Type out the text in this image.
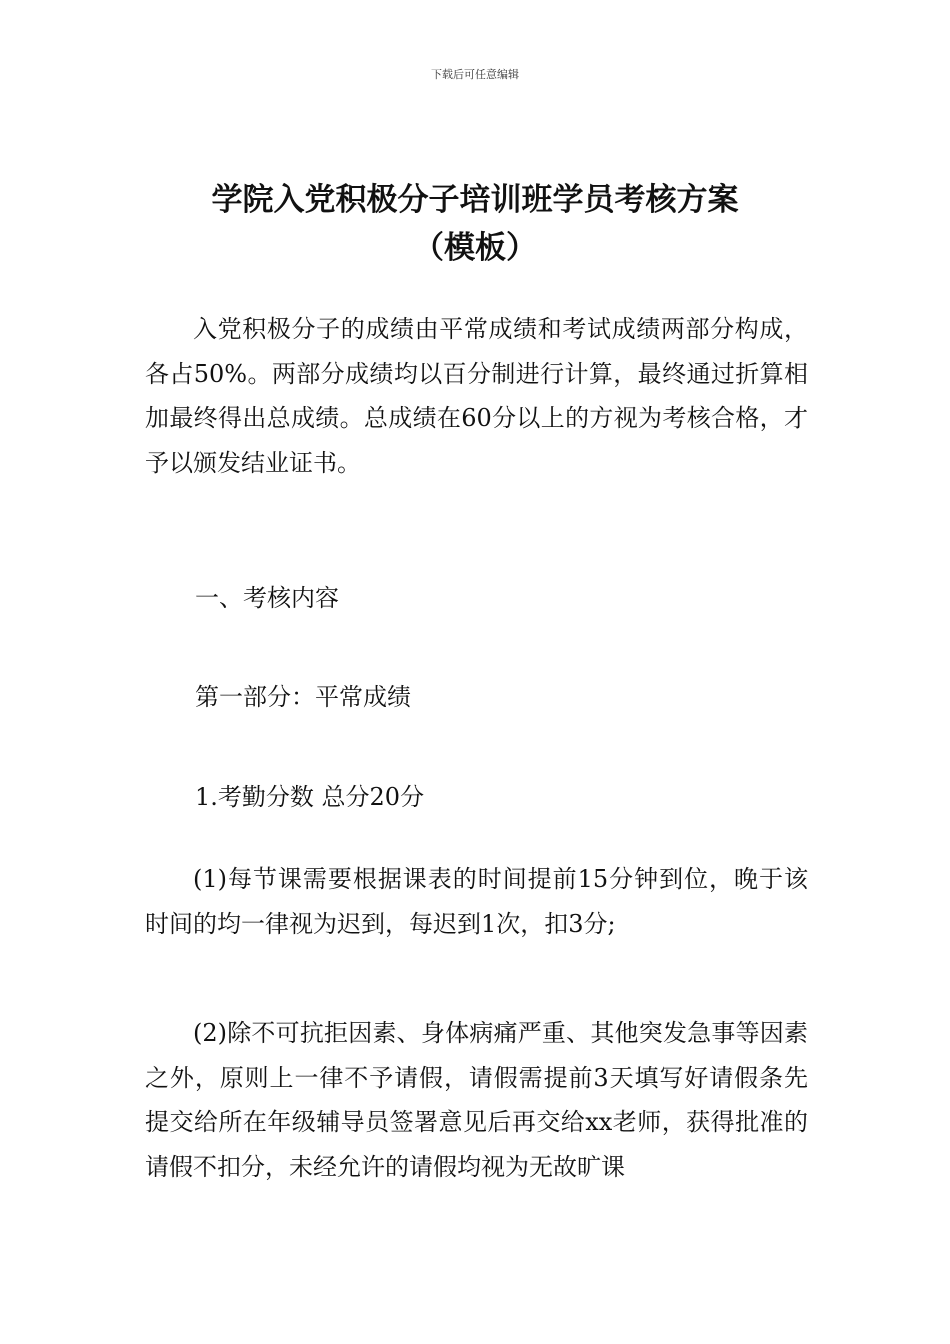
下载后可任意编辑
学院入党积极分子培训班学员考核方案
（模板）

入党积极分子的成绩由平常成绩和考试成绩两部分构成，各占50%。两部分成绩均以百分制进行计算，最终通过折算相加最终得出总成绩。总成绩在60分以上的方视为考核合格，才予以颁发结业证书。

一、考核内容
第一部分：平常成绩
1.考勤分数 总分20分

(1)每节课需要根据课表的时间提前15分钟到位，晚于该时间的均一律视为迟到，每迟到1次，扣3分;

(2)除不可抗拒因素、身体病痛严重、其他突发急事等因素之外，原则上一律不予请假，请假需提前3天填写好请假条先提交给所在年级辅导员签署意见后再交给xx老师，获得批准的请假不扣分，未经允许的请假均视为无故旷课
